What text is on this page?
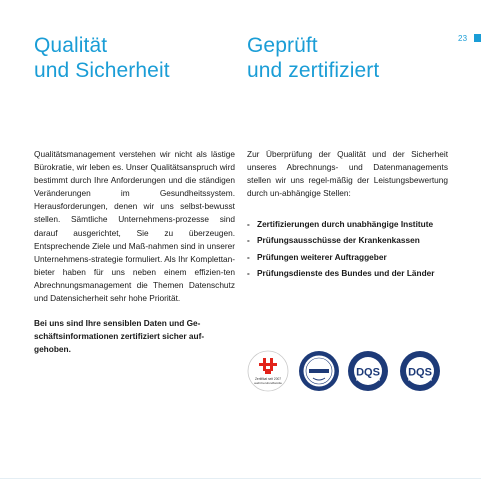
Qualität
und Sicherheit
Geprüft
und zertifiziert
23

Qualitätsmanagement verstehen wir nicht als lästige Bürokratie, wir leben es. Unser Qualitätsanspruch wird bestimmt durch Ihre Anforderungen und die ständigen Veränderungen im Gesundheitssystem. Herausforderungen, denen wir uns selbst-bewusst stellen. Sämtliche Unternehmens-prozesse sind darauf ausgerichtet, Sie zu überzeugen. Entsprechende Ziele und Maß-nahmen sind in unserer Unternehmens-strategie formuliert. Als Ihr Komplettan-bieter haben für uns neben einem effizien-ten Abrechnungsmanagement die Themen Datenschutz und Datensicherheit sehr hohe Priorität.

Bei uns sind Ihre sensiblen Daten und Ge-schäftsinformationen zertifiziert sicher auf-gehoben.

Zur Überprüfung der Qualität und der Sicherheit unseres Abrechnungs- und Datenmanagements stellen wir uns regel-mäßig der Leistungsbewertung durch un-abhängige Stellen:

- Zertifizierungen durch unabhängige Institute
- Prüfungsausschüsse der Krankenkassen
- Prüfungen weiterer Auftraggeber
- Prüfungsdienste des Bundes und der Länder
Zertifikat seit 2007
audit berufundfamilie
DQS	DQS
